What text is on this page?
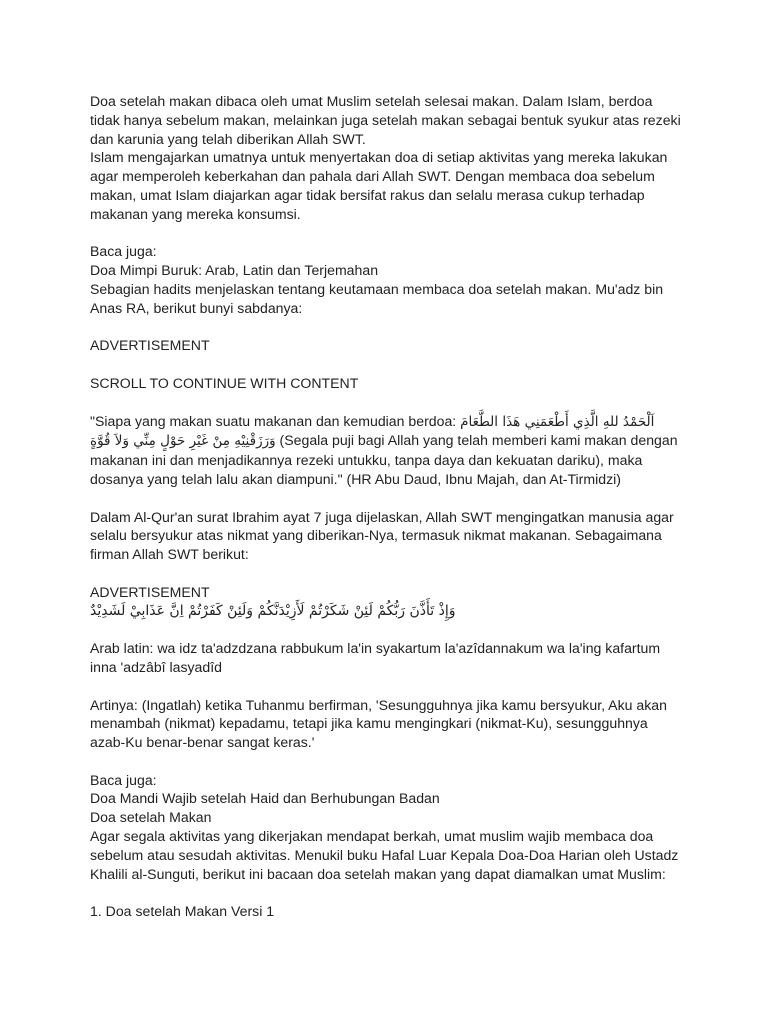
Doa setelah makan dibaca oleh umat Muslim setelah selesai makan. Dalam Islam, berdoa tidak hanya sebelum makan, melainkan juga setelah makan sebagai bentuk syukur atas rezeki dan karunia yang telah diberikan Allah SWT.

Islam mengajarkan umatnya untuk menyertakan doa di setiap aktivitas yang mereka lakukan agar memperoleh keberkahan dan pahala dari Allah SWT. Dengan membaca doa sebelum makan, umat Islam diajarkan agar tidak bersifat rakus dan selalu merasa cukup terhadap makanan yang mereka konsumsi.

Baca juga:

Doa Mimpi Buruk: Arab, Latin dan Terjemahan

Sebagian hadits menjelaskan tentang keutamaan membaca doa setelah makan. Mu'adz bin Anas RA, berikut bunyi sabdanya:

ADVERTISEMENT

SCROLL TO CONTINUE WITH CONTENT

"Siapa yang makan suatu makanan dan kemudian berdoa: اَلْحَمْدُ للهِ الَّذِي أَطْعَمَنِي هَذَا الطَّعَامَ وَرَزَقْنِيْهِ مِنْ غَيْرِ حَوْلٍ مِنِّي وَلاَ قُوَّةٍ (Segala puji bagi Allah yang telah memberi kami makan dengan makanan ini dan menjadikannya rezeki untukku, tanpa daya dan kekuatan dariku), maka dosanya yang telah lalu akan diampuni." (HR Abu Daud, Ibnu Majah, dan At-Tirmidzi)

Dalam Al-Qur'an surat Ibrahim ayat 7 juga dijelaskan, Allah SWT mengingatkan manusia agar selalu bersyukur atas nikmat yang diberikan-Nya, termasuk nikmat makanan. Sebagaimana firman Allah SWT berikut:

ADVERTISEMENT

وَإِذْ تَأَذَّنَ رَبُّكُمْ لَئِنْ شَكَرْتُمْ لَأَزِيْدَنَّكُمْ وَلَئِنْ كَفَرْتُمْ اِنَّ عَذَابِيْ لَشَدِيْدٌ

Arab latin: wa idz ta'adzdzana rabbukum la'in syakartum la'azîdannakum wa la'ing kafartum inna 'adzâbî lasyadîd

Artinya: (Ingatlah) ketika Tuhanmu berfirman, 'Sesungguhnya jika kamu bersyukur, Aku akan menambah (nikmat) kepadamu, tetapi jika kamu mengingkari (nikmat-Ku), sesungguhnya azab-Ku benar-benar sangat keras.'

Baca juga:

Doa Mandi Wajib setelah Haid dan Berhubungan Badan

Doa setelah Makan

Agar segala aktivitas yang dikerjakan mendapat berkah, umat muslim wajib membaca doa sebelum atau sesudah aktivitas. Menukil buku Hafal Luar Kepala Doa-Doa Harian oleh Ustadz Khalili al-Sunguti, berikut ini bacaan doa setelah makan yang dapat diamalkan umat Muslim:

1. Doa setelah Makan Versi 1
